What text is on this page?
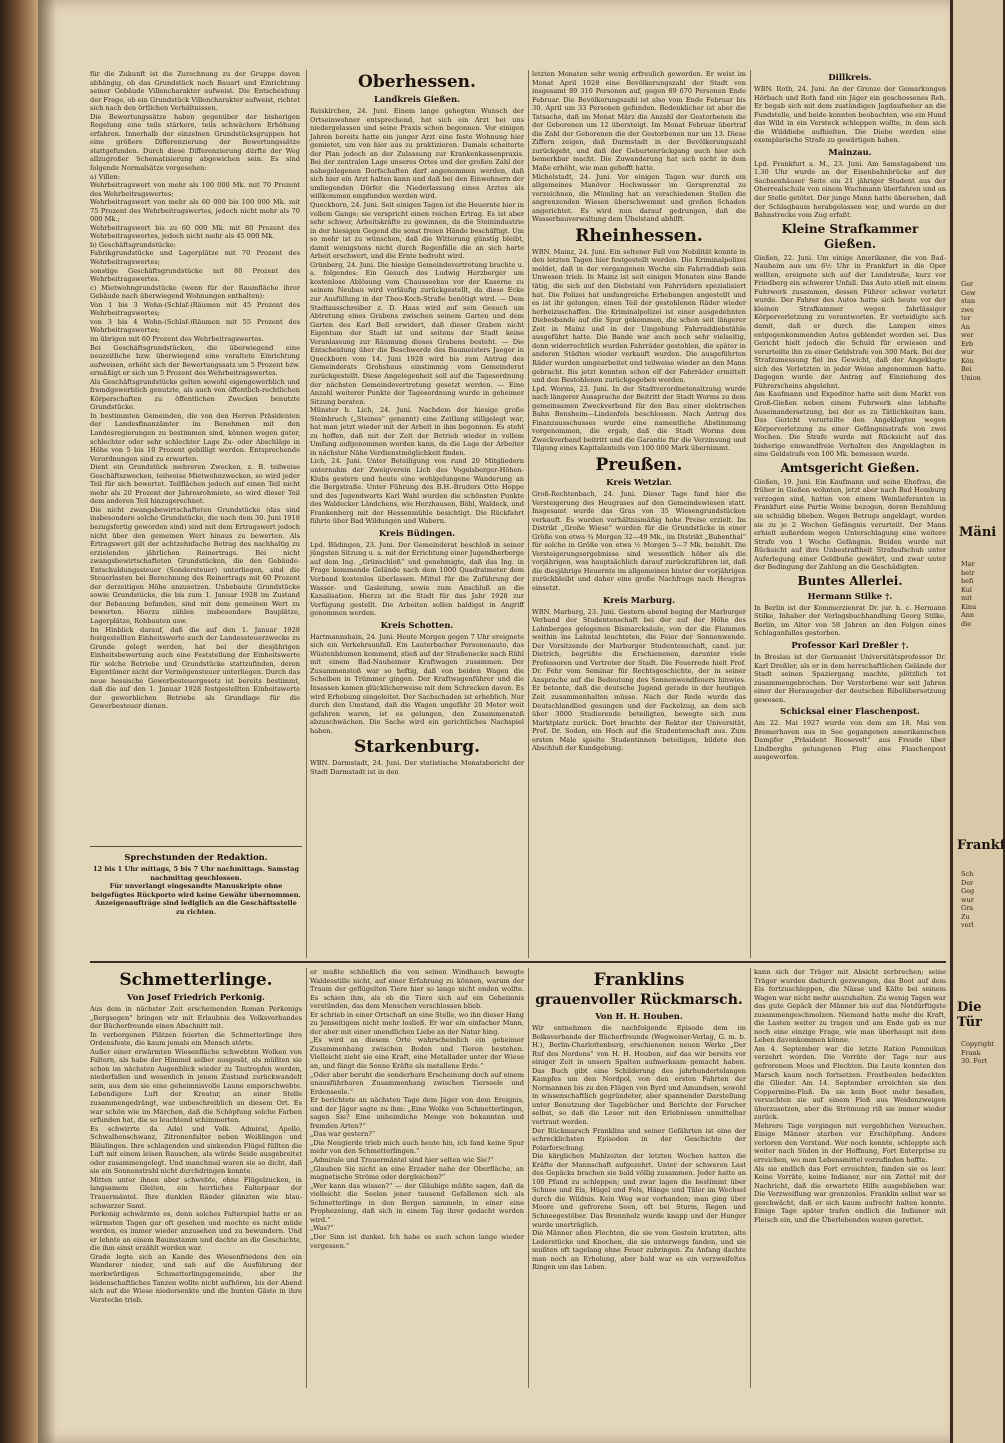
für die Zukunft ist die Zurechnung zu der Gruppe davon abhängig, ob das Grundstück nach Bauart und Einrichtung seiner Gebäude Villencharakter aufweist. Die Entscheidung der Frage, ob ein Grundstück Villencharakter aufweist, richtet sich nach den örtlichen Verhältnissen.
Die Bewertungssätze haben gegenüber der bisherigen Regelung eine teils stärkere, teils schwächere Erhöhung erfahren. Innerhalb der einzelnen Grundstücksgruppen hat eine größere Differenzierung der Bewertungssätze stattgefunden. Durch diese Differenzierung dürfte der Weg allzugroßer Schematisierung abgewichen sein. Es sind folgende Normalsätze vorgesehen:
a) Villen:
Wehrbeitragswert von mehr als 100 000 Mk. mit 70 Prozent des Wehrbeitragswertes;
Wehrbeitragswert von mehr als 60 000 bis 100 000 Mk. mit 75 Prozent des Wehrbeitragswertes, jedoch nicht mehr als 70 000 Mk.;
Wehrbeitragswert bis zu 60 000 Mk. mit 80 Prozent des Wehrbeitragswertes, jedoch nicht mehr als 45 000 Mk.
b) Geschäftsgrundstücke:
Fabrikgrundstücke und Lagerplätze mit 70 Prozent des Wehrbeitragswertes;
sonstige Geschäftsgrundstücke mit 80 Prozent des Wehrbeitragswertes.
c) Mietwohngrundstücke (wenn für der Raumfläche ihrer Gebäude nach überwiegend Wohnungen enthalten):
Von 1 bis 3 Wohn-(Schlaf-)Räumen mit 45 Prozent des Wehrbeitragswertes;
von 3 bis 4 Wohn-(Schlaf-)Räumen mit 55 Prozent des Wehrbeitragswertes;
im übrigen mit 60 Prozent des Wehrbeitragswertes.
Bei Geschäftsgrundstücken, die überwiegend eine neuzeitliche bzw. überwiegend eine veraltete Einrichtung aufweisen, erhöht sich der Bewertungssatz um 5 Prozent bzw. ermäßigt er sich um 5 Prozent des Wehrbeitragswertes.
Als Geschäftsgrundstücke gelten sowohl eigengewerblich und fremdgewerblich genutzte, als auch von öffentlich-rechtlichen Körperschaften zu öffentlichen Zwecken benutzte Grundstücke.
In bestimmten Gemeinden, die von den Herren Präsidenten der Landesfinanzämter im Benehmen mit den Landesregierungen zu bestimmen sind, können wegen guter, schlechter oder sehr schlechter Lage Zu- oder Abschläge in Höhe von 5 bis 10 Prozent gebilligt werden. Entsprechende Verordnungen sind zu erwarten.
Dient ein Grundstück mehreren Zwecken, z. B. teilweise Geschäftszwecken, teilweise Mietwohnzwecken, so wird jeder Teil für sich bewertet. Teilflächen jedoch auf einen Teil nicht mehr als 20 Prozent der Jahresrohmiete, so wird dieser Teil dem anderen Teil hinzugerechnet.
Die nicht zwangsbewirtschafteten Grundstücke (das sind insbesondere solche Grundstücke, die nach dem 30. Juni 1918 bezugsfertig geworden sind) sind mit dem Ertragswert jedoch nicht über den gemeinen Wert hinaus zu bewerten. Als Ertragswert gilt der achtzehnfache Betrag des nachhaltig zu erzielenden jährlichen Reinertrags. Bei nicht zwangsbewirtschafteten Grundstücken, die den Gebäude-Entschuldungssteuer (Sondersteuer) unterliegen, sind die Steuerlasten bei Berechnung des Reinertrags mit 60 Prozent der derzeitigen Höhe anzusetzen. Unbebaute Grundstücke sowie Grundstücke, die bis zum 1. Januar 1928 im Zustand der Bebauung befanden, sind mit dem gemeinen Wert zu bewerten. Hierzu zählen insbesondere Bauplätze, Lagerplätze, Rohbauten usw.
Im Hinblick darauf, daß die auf den 1. Januar 1928 festgestellten Einheitswerte auch der Landessteuerzwecke zu Grunde gelegt werden, hat bei der diesjährigen Einheitsbewertung auch eine Feststellung der Einheitswerte für solche Betriebe und Grundstücke stattzufinden, deren Eigentümer nicht der Vermögensteuer unterliegen. Durch das neue hessische Gewerbesteuergesetz ist bereits bestimmt, daß die auf den 1. Januar 1928 festgestellten Einheitswerte der gewerblichen Betriebe als Grundlage für die Gewerbesteuer dienen.

Sprechstunden der Redaktion.

12 bis 1 Uhr mittags, 5 bis 7 Uhr nachmittags. Samstag nachmittag geschlossen.
Für unverlangt eingesandte Manuskripte ohne beigefügtes Rückporto wird keine Gewähr übernommen.
Anzeigenaufträge sind lediglich an die Geschäftsstelle zu richten.

Oberhessen.
Landkreis Gießen.

Reiskirchen, 24. Juni. Einem lange gehegten Wunsch der Ortseinwohner entsprechend, hat sich ein Arzt bei uns niedergelassen und seine Praxis schon begonnen. Vor einigen Jahren bereits hatte ein junger Arzt eine feste Wohnung hier gemietet, um von hier aus zu praktizieren. Damals scheiterte der Plan jedoch an der Zulassung zur Krankenkassenpraxis. Bei der zentralen Lage unseres Ortes und der großen Zahl der nahegelegenen Dorfschaften darf angenommen werden, daß sich hier ein Arzt halten kann und daß bei den Einwohnern der umliegenden Dörfer die Niederlassung eines Arztes als willkommen empfunden werden wird.
Queckborn, 24. Juni. Seit einigen Tagen ist die Heuernte hier in vollem Gange; sie verspricht einen reichen Ertrag. Es ist aber sehr schwer, Arbeitskräfte zu gewinnen, da die Steinindustrie in der hiesigen Gegend die sonst freien Hände beschäftigt. Um so mehr ist zu wünschen, daß die Witterung günstig bleibt, damit wenigstens nicht durch Regenfälle die an sich harte Arbeit erschwert, und die Ernte bedroht wird.
Grünberg, 24. Juni. Die hiesige Gemeindevertretung brachte u. a. folgendes: Ein Gesuch des Ludwig Herzberger um kostenlose Ablösung vom Chausseebau vor der Kaserne zu seinem Neubau wird vorläufig zurückgestellt, da diese Ecke zur Ausfüllung in der Theo-Koch-Straße benötigt wird. — Dem Stadtausschreiber z. D. Haas wird auf sein Gesuch um Abtretung eines Grabens zwischen seinem Garten und dem Garten des Karl Bell erwidert, daß dieser Graben nicht Eigentum der Stadt ist und seitens der Stadt keine Veranlassung zur Räumung dieses Grabens besteht. — Die Entscheidung über die Beschwerde des Baumeisters Jaeger in Queckborn vom 14. Juni 1928 wird bis zum Antrag des Gemeinderats Grohshaus einstimmig vom Gemeinderat zurückgestellt. Diese Angelegenheit soll auf die Tagesordnung der nächsten Gemeindevertretung gesetzt werden. — Eine Anzahl weiterer Punkte der Tagesordnung wurde in geheimer Sitzung beraten.
Münster b. Lich, 24. Juni. Nachdem der hiesige große Steinbruch („Steines“ genannt) eine Zeitlang stillgelegt war, hat man jetzt wieder mit der Arbeit in ihm begonnen. Es steht zu hoffen, daß mit der Zeit der Betrieb wieder in vollem Umfang aufgenommen werden kann, da die Lage der Arbeiter in nächster Nähe Verdienstmöglichkeit finden.
Lich, 24. Juni. Unter Beteiligung von rund 20 Mitgliedern unternahm der Zweigverein Lich des Vogelsberger-Höhen-Klubs gestern und heute eine wohlgelungene Wanderung an die Bergstraße. Unter Führung des B.H.-Bruders Otto Hoppe und des Jugendwarts Karl Wahl wurden die schönsten Punkte des Waldecker Ländchens, wie Herzhausen, Böhl, Waldeck, und Frankenberg mit der Hessenmühle besichtigt. Die Rückfahrt führte über Bad Wildungen und Wabern.

Kreis Büdingen.

Lpd. Büdingen, 23. Juni. Der Gemeinderat beschloß in seiner jüngsten Sitzung u. a. mit der Errichtung einer Jugendherberge auf dem Ing. „Grünschloß“ und genehmigte, daß das Ing. in Frage kommende Gelände nach dem 1000 Quadratmeter dem Verband kostenlos überlassen. Mittel für die Zuführung der Wasser- und Gasleitung, sowie zum Anschluß an die Kanalisation. Hierzu ist die Stadt für das Jahr 1928 zur Verfügung gestellt. Die Arbeiten sollen baldigst in Angriff genommen werden.

Kreis Schotten.

Hartmannshain, 24. Juni. Heute Morgen gegen 7 Uhr ereignete sich ein Verkehrsunfall. Ein Lauterbacher Personenauto, das Wüstenbäumen kommend, stieß auf der Straßenecke nach Rühl mit einem Bad-Nauheimer Kraftwagen zusammen. Der Zusammenstoß war so heftig, daß von beiden Wagen die Scheiben in Trümmer gingen. Der Kraftwagenführer und die Insassen kamen glücklicherweise mit dem Schrecken davon. Es wird Erhebung eingeleitet. Der Sachschaden ist erheblich. Nur durch den Umstand, daß die Wagen ungefähr 20 Meter weit gefahren waren, ist es gelungen, den Zusammenstoß abzuschwächen. Die Sache wird ein gerichtliches Nachspiel haben.

Starkenburg.

WBN. Darmstadt, 24. Juni. Der statistische Monatsbericht der Stadt Darmstadt ist in den

letzten Monaten sehr wenig erfreulich geworden. Er weist im Monat April 1928 eine Bevölkerungszahl der Stadt von insgesamt 89 310 Personen auf, gegen 89 670 Personen Ende Februar. Die Bevölkerungszahl ist also vom Ende Februar bis 30. April um 33 Personen gefunden. Bedenklicher ist aber die Tatsache, daß im Monat März die Anzahl der Gestorbenen die der Geborenen um 12 übersteigt. Im Monat Februar übertraf die Zahl der Geborenen die der Gestorbenen nur um 13. Diese Ziffern zeigen, daß Darmstadt in der Bevölkerungszahl zurückgeht, und daß der Geburtenrückgang auch hier sich bemerkbar macht. Die Zuwanderung hat sich nicht in dem Maße erhöht, wie man gehofft hatte.
Michelstadt, 24. Juni. Vor einigen Tagen war durch ein allgemeines Manöver Hochwasser im Gersprenztal zu verzeichnen, die Mümling hat an verschiedenen Stellen die angrenzenden Wiesen überschwemmt und großen Schaden angerichtet. Es wird nun darauf gedrungen, daß die Wasserbauverwaltung dem Übelstand abhilft.

Rheinhessen.

WBN. Mainz, 24. Juni. Ein seltener Fall von Nobilität konnte in den letzten Tagen hier festgestellt werden. Die Kriminalpolizei meldet, daß in der vergangenen Woche ein Fahrraddieb sein Unwesen trieb. In Mainz ist seit einigen Monaten eine Bande tätig, die sich auf den Diebstahl von Fahrrädern spezialisiert hat. Die Polizei hat umfangreiche Erhebungen angestellt und es ist ihr gelungen, einen Teil der gestohlenen Räder wieder herbeizuschaffen. Die Kriminalpolizei ist einer ausgedehnten Diebesbande auf die Spur gekommen, die schon seit längerer Zeit in Mainz und in der Umgebung Fahrraddiebstähle ausgeführt hatte. Die Bande war auch noch sehr vielseitig, denn widerrechtlich wurden Fahrräder gestohlen, die später in anderen Städten wieder verkauft wurden. Die ausgeführten Räder wurden umgearbeitet und teilweise wieder an den Mann gebracht. Bis jetzt konnten schon elf der Fahrräder ermittelt und den Bestohlenen zurückgegeben werden.
Lpd. Worms, 23. Juni. In der Stadtverordnetensitzung wurde nach längerer Aussprache der Beitritt der Stadt Worms zu dem gemeinsamen Zweckverband für den Bau einer elektrischen Bahn Bensheim—Lindenfels beschlossen. Nach Antrag des Finanzausschusses wurde eine namentliche Abstimmung vorgenommen, die ergab, daß die Stadt Worms dem Zweckverband beitritt und die Garantie für die Verzinsung und Tilgung eines Kapitalanteils von 100 000 Mark übernimmt.

Preußen.
Kreis Wetzlar.

Groß-Rechtenbach, 24. Juni. Dieser Tage fand hier die Versteigerung des Heugrases auf den Gemeindewiesen statt. Insgesamt wurde das Gras von 35 Wiesengrundstücken verkauft. Es wurden verhältnismäßig hohe Preise erzielt. Im Distrikt „Große Wiese“ wurden für die Grundstücke in einer Größe von etwa ¾ Morgen 32—49 Mk., im Distrikt „Bubenthal“ für solche in Größe von etwa ½ Morgen 5—7 Mk. bezahlt. Die Versteigerungsergebnisse sind wesentlich höher als die vorjährigen, was hauptsächlich darauf zurückzuführen ist, daß die diesjährige Heuernte im allgemeinen hinter der vorjährigen zurückbleibt und daher eine große Nachfrage nach Heugras einsetzt.

Kreis Marburg.

WBN. Marburg, 23. Juni. Gestern abend beging der Marburger Verband der Studentenschaft bei der auf der Höhe des Lahnberges gelegenen Bismarcksäule, von der die Flammen weithin ins Lahntal leuchteten, die Feier der Sonnenwende. Der Vorsitzende der Marburger Studentenschaft, cand. jur. Dietrich, begrüßte die Erschienenen, darunter viele Professoren und Vertreter der Stadt. Die Feuerrede hielt Prof. Dr. Fehr vom Seminar für Rechtsgeschichte, der in seiner Ansprache auf die Bedeutung des Sonnenwendfeuers hinwies. Er betonte, daß die deutsche Jugend gerade in der heutigen Zeit zusammenhalten müsse. Nach der Rede wurde das Deutschlandlied gesungen und der Fackelzug, an dem sich über 3000 Studierende beteiligten, bewegte sich zum Marktplatz zurück. Dort brachte der Rektor der Universität, Prof. Dr. Soden, ein Hoch auf die Studentenschaft aus. Zum ersten Male spielte Studentinnen beteiligen, bildete den Abschluß der Kundgebung.

Dillkreis.

WBN. Roth, 24. Juni. An der Grenze der Gemarkungen Hörbach und Roth fand ein Jäger ein geschossenes Reh. Er begab sich mit dem zuständigen Jagdaufseher an die Fundstelle, und beide konnten beobachten, wie ein Hund das Wild in ein Versteck schleppen wollte, in dem sich die Wilddiebe aufhielten. Die Diebe werden eine exemplarische Strafe zu gewärtigen haben.

Mainzau.

Lpd. Frankfurt a. M., 23. Juni. Am Samstagabend um 1.30 Uhr wurde an der Eisenbahnbrücke auf der Sachsenhäuser Seite ein 21 jähriger Student aus der Oberrealschule von einem Wachmann überfahren und an der Stelle getötet. Der junge Mann hatte übersehen, daß der Schlagbaum herabgelassen war, und wurde an der Bahnstrecke vom Zug erfaßt.

Kleine Strafkammer Gießen.

Gießen, 22. Juni. Um einige Amerikaner, die von Bad-Nauheim aus um 6½ Uhr in Frankfurt in die Oper wollten, ereignete sich auf der Landstraße, kurz vor Friedberg ein schwerer Unfall. Das Auto stieß mit einem Fuhrwerk zusammen, dessen Führer schwer verletzt wurde. Der Fahrer des Autos hatte sich heute vor der kleinen Strafkammer wegen fahrlässiger Körperverletzung zu verantworten. Er verteidigte sich damit, daß er durch die Lampen eines entgegenkommenden Autos geblendet worden sei. Das Gericht hielt jedoch die Schuld für erwiesen und verurteilte ihn zu einer Geldstrafe von 300 Mark. Bei der Strafzumessung fiel ins Gewicht, daß der Angeklagte sich des Verletzten in jeder Weise angenommen hatte. Dagegen wurde der Antrag auf Einziehung des Führerscheins abgelehnt.
Am Kaufmann und Expeditor hatte seit dem Markt von Groß-Gießen neben einem Fuhrwerk eine lebhafte Auseinandersetzung, bei der es zu Tätlichkeiten kam. Das Gericht verurteilte den Angeklagten wegen Körperverletzung zu einer Gefängnisstrafe von zwei Wochen. Die Strafe wurde mit Rücksicht auf das bisherige einwandfreie Verhalten des Angeklagten in eine Geldstrafe von 100 Mk. bemessen wurde.

Amtsgericht Gießen.

Gießen, 19. Juni. Ein Kaufmann und seine Ehefrau, die früher in Gießen wohnten, jetzt aber nach Bad Homburg verzogen sind, hatten von einem Weinlieferanten in Frankfurt eine Partie Weine bezogen, deren Bezahlung sie schuldig blieben. Wegen Betrugs angeklagt, wurden sie zu je 2 Wochen Gefängnis verurteilt. Der Mann erhielt außerdem wegen Unterschlagung eine weitere Strafe von 1 Woche Gefängnis. Beiden wurde mit Rücksicht auf ihre Unbestraftheit Strafaufschub unter Auferlegung einer Geldbuße gewährt, und zwar unter der Bedingung der Zahlung an die Geschädigten.

Buntes Allerlei.
Hermann Stilke †.

In Berlin ist der Kommerzienrat Dr. jur. h. c. Hermann Stilke, Inhaber der Verlagsbuchhandlung Georg Stilke, Berlin, im Alter von 58 Jahren an den Folgen eines Schlaganfalles gestorben.

Professor Karl Dreßler †.

In Breslau ist der Germanist Universitätsprofessor Dr. Karl Dreßler, als er in dem herrschaftlichen Gelände der Stadt seinen Spaziergang machte, plötzlich tot zusammengebrochen. Der Verstorbene war seit Jahren einer der Herausgeber der deutschen Bibelübersetzung gewesen.

Schicksal einer Flaschenpost.

Am 22. Mai 1927 wurde von dem am 18. Mai von Bremerhaven aus in See gegangenen amerikanischen Dampfer „Präsident Roosevelt“ aus Freude über Lindberghs gelungenen Flug eine Flaschenpost ausgeworfen.

Schmetterlinge.
Von Josef Friedrich Perkonig.

Aus dem in nächster Zeit erscheinenden Roman Perkonigs „Bergsegen“ bringen wir mit Erlaubnis des Volksverbandes der Bücherfreunde einen Abschnitt mit.
In verborgenen Plätzen feierten die Schmetterlinge ihre Ordensfeste, die kaum jemals ein Mensch störte.
Außer einer erwärmten Wiesenfläche schwebten Wolken von Faltern, als habe der Himmel selber ausgesät, als müßten sie schon im nächsten Augenblick wieder zu Tautropfen werden, niederfallen und wesenlich in jenem Zustand zurückwandelt sein, aus dem sie eine geheimnisvolle Laune emporschwebte. Lebendigere Luft der Kreatur, an einer Stelle zusammengedrängt, war unbeschreiblich an diesem Ort. Es war schön wie im Märchen, daß die Schöpfung solche Farben erfunden hat, die so leuchtend schimmerten.

Es schwirrte da Adel und Volk. Admiral, Apollo, Schwalbenschwanz, Zitronenfalter neben Weißlingen und Bläulingen. Ihre schlagenden und sinkenden Flügel füllten die Luft mit einem leisen Rauschen, als würde Seide ausgebreitet oder zusammengelegt. Und manchmal waren sie so dicht, daß sie ein Sonnenstrahl nicht durchdringen konnte.
Mitten unter ihnen aber schwebte, ohne Flügelzucken, in langsamem Gleiten, ein herrliches Falterpaar der Trauermäntel. Ihre dunklen Ränder glänzten wie blau-schwarzer Samt.
Perkonig schwärmte es, denn solches Falterspiel hatte er an wärmsten Tagen gar oft gesehen und mochte es nicht müde werden, es immer wieder anzusehen und zu bewundern. Und er lehnte an einem Baumstamm und dachte an die Geschichte, die ihm einst erzählt worden war.
Grade legte sich an Kande des Wiesenfriedens den ein Wanderer nieder, und sah auf die Ausführung der merkwürdigen Schmetterlingsgemeinde, aber ihr leidenschaftliches Tanzen wollte nicht aufhören, bis der Abend sich auf die Wiese niedersenkte und die bunten Gäste in ihre Verstecke trieb.

er mußte schließlich die von seinen Windhauch bewegte Waldesstille nicht, auf einer Erfahrung zu können, warum der Traum der geflügelten Tiere hier so lange nicht enden wollte. Es schien ihm, als ob die Tiere sich auf ein Geheimnis verstünden, das dem Menschen verschlossen blieb.
Er schrieb in einer Ortschaft an eine Stelle, wo ihn dieser Hang zu Jenseitigem nicht mehr losließ. Er war ein einfacher Mann, der aber mit einer unendlichen Liebe an der Natur hing.
„Es wird an diesem Orte wahrscheinlich ein geheimer Zusammenhang zwischen Boden und Tieren bestehen. Vielleicht zieht sie eine Kraft, eine Metallader unter der Wiese an, und fängt die Sonne Kräfte als metallene Erde.“
„Oder aber beruht die sonderbare Erscheinung doch auf einem unausführbaren Zusammenhang zwischen Tierseele und Erdenseele.“
Er berichtete an nächsten Tage dem Jäger von dem Ereignis, und der Jäger sagte zu ihm: „Eine Wolke von Schmetterlingen, sagen Sie? Eine unheimliche Menge von bekannten und fremden Arten?“
„Das war gestern?“
„Die Neugierde trieb mich auch heute hin, ich fand keine Spur mehr von den Schmetterlingen.“
„Admirale und Trauermäntel sind hier selten wie Sie?“
„Glauben Sie nicht an eine Erzader nahe der Oberfläche, an magnetische Ströme oder dergleichen?“
„Wer kann das wissen?“ — der Gläubige müßte sagen, daß da vielleicht die Seelen jener tausend Gefallenen sich als Schmetterlinge in den Bergen sammeln, in einer eine Prophezeiung, daß sich in einem Tag ihrer gedacht werden wird.“
„Was?“
„Der Sinn ist dunkel. Ich habe es auch schon lange wieder vergessen.“

Franklins
grauenvoller Rückmarsch.
Von H. H. Houben.

Wir entnehmen die nachfolgende Episode dem im Bolksverbande der Bücherfreunde (Wegweiser-Verlag, G. m. b. H.), Berlin-Charlottenburg, erschienenen neuen Werke „Der Ruf des Nordens“ von H. H. Houben, auf das wir bereits vor einiger Zeit in unsern Spalten aufmerksam gemacht haben. Das Buch gibt eine Schilderung des jahrhundertelangen Kampfes um den Nordpol, von den ersten Fahrten der Normannen bis zu den Flügen von Byrd und Amundsen, sowohl in wissenschaftlich gegründeter, aber spannender Darstellung unter Benutzung der Tagebücher und Berichte der Forscher selbst, so daß die Leser mit den Erlebnissen unmittelbar vertraut werden.
Der Rückmarsch Franklins und seiner Gefährten ist eine der schrecklichsten Episoden in der Geschichte der Polarforschung.
Die kärglichen Mahlzeiten der letzten Wochen hatten die Kräfte der Mannschaft aufgezehrt. Unter der schweren Last des Gepäcks brachen sie bald völlig zusammen. Jeder hatte an 100 Pfund zu schleppen; und zwar lagen die bestimmt über Schnee und Eis, Hügel und Fels, Hänge und Täler im Wechsel durch die Wildnis. Kein Weg war vorhanden; man ging über Moore und gefrorene Seen, oft bei Sturm, Regen und Schneegestöber. Das Brennholz wurde knapp und der Hunger wurde unerträglich.
Die Männer aßen Flechten, die sie vom Gestein kratzten, alte Lederstücke und Knochen, die sie unterwegs fanden, und sie mußten oft tagelang ohne Feuer zubringen. Zu Anfang dachte man noch an Erholung, aber bald war es ein verzweifeltes Ringen um das Leben.

kann sich der Träger mit Absicht zerbrechen; seine Träger wurden dadurch gezwungen, das Boot auf dem Eis fortzuschleppen, die Nässe und Kälte bei seinem Wagen war nicht mehr auszuhalten. Zu wenig Tagen war das gute Gepäck der Männer bis auf das Notdürftigste zusammengeschmolzen. Niemand hatte mehr die Kraft, die Lasten weiter zu tragen und am Ende gab es nur noch eine einzige Frage, wie man überhaupt mit dem Leben davonkommen könne.
Am 4. September war die letzte Ration Pemmikan verzehrt worden. Die Vorräte der Tage nur aus gefrorenem Moos und Flechten. Die Leute konnten den Marsch kaum noch fortsetzen. Frostbeulen bedeckten die Glieder. Am 14. September erreichten sie den Coppermine-Fluß. Da sie kein Boot mehr besaßen, versuchten sie auf einem Floß aus Weidenzweigen überzusetzen, aber die Strömung riß sie immer wieder zurück.
Mehrere Tage vergingen mit vergeblichen Versuchen. Einige Männer starben vor Erschöpfung. Andere verloren den Verstand. Wer noch konnte, schleppte sich weiter nach Süden in der Hoffnung, Fort Enterprise zu erreichen, wo man Lebensmittel vorzufinden hoffte.
Als sie endlich das Fort erreichten, fanden sie es leer. Keine Vorräte, keine Indianer, nur ein Zettel mit der Nachricht, daß die erwartete Hilfe ausgeblieben war. Die Verzweiflung war grenzenlos. Franklin selbst war so geschwächt, daß er sich kaum aufrecht halten konnte. Einige Tage später trafen endlich die Indianer mit Fleisch ein, und die Überlebenden waren gerettet.

Mäni
Frankf
Die Tür
Ger
Gew
stan
zwe
ter
An
wer
Erb
wur
Kön
Bei
Union
Mar
betr
befi
Kul
mit
Kinu
Ann
die
Sch
Der
Geg
wur
Gra
Zu
verl
Copyright
Frank
30. Fort
